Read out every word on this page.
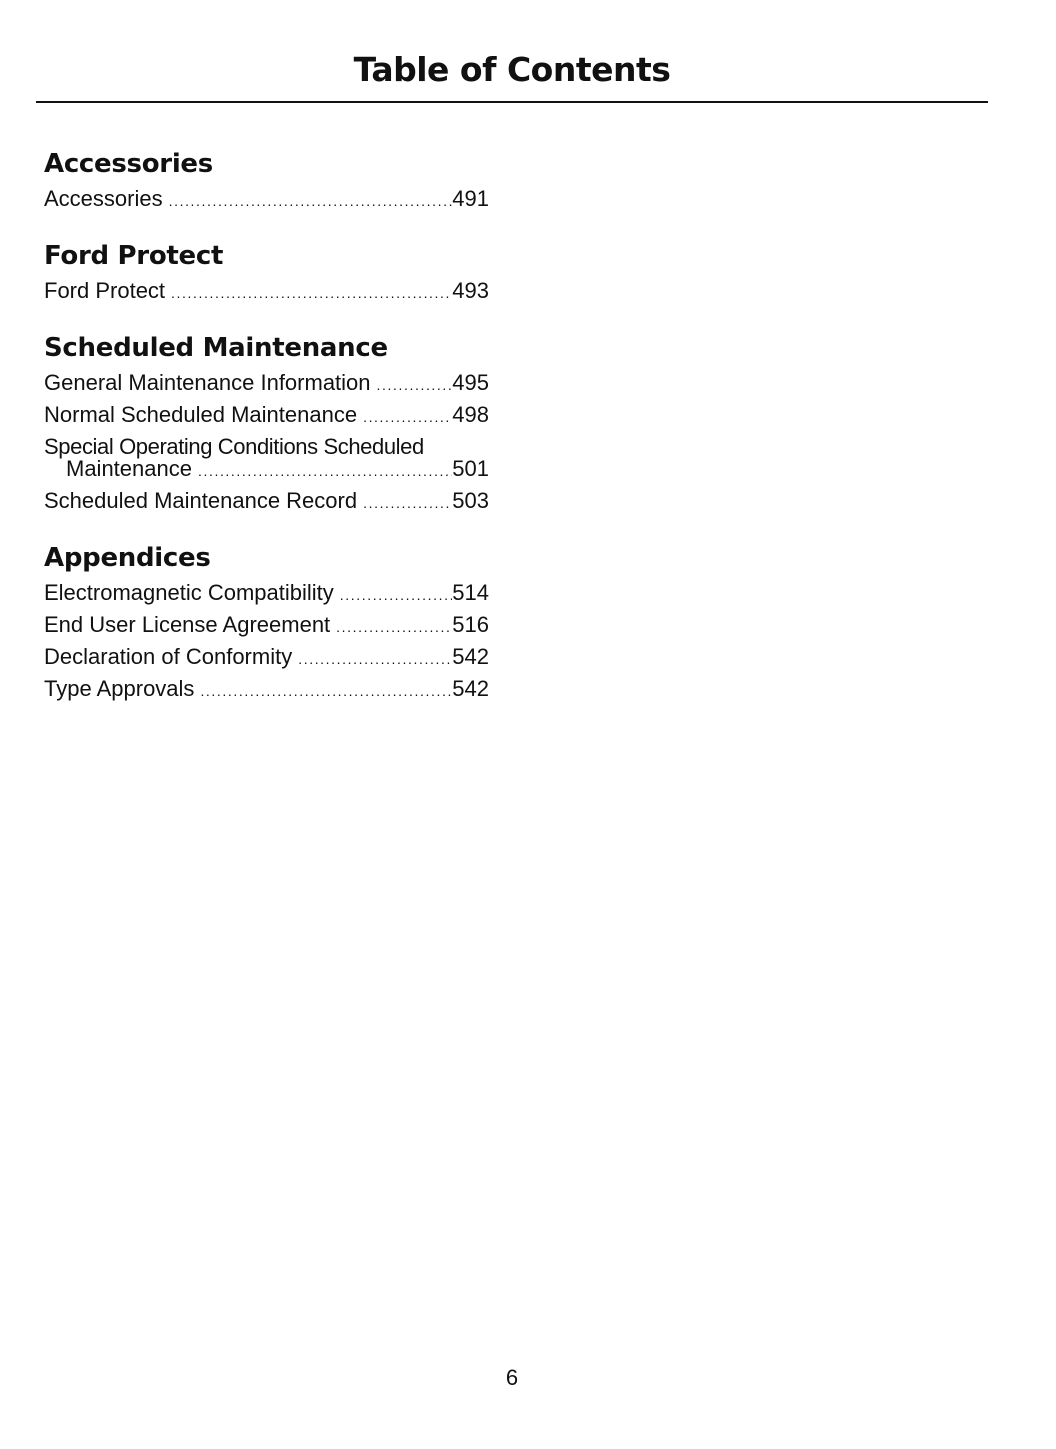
Table of Contents
Accessories
Accessories .....	491
Ford Protect
Ford Protect .....	493
Scheduled Maintenance
General Maintenance Information .....	495
Normal Scheduled Maintenance .....	498
Special Operating Conditions Scheduled
Maintenance .....	501
Scheduled Maintenance Record .....	503
Appendices
Electromagnetic Compatibility .....	514
End User License Agreement .....	516
Declaration of Conformity .....	542
Type Approvals .....	542
6
